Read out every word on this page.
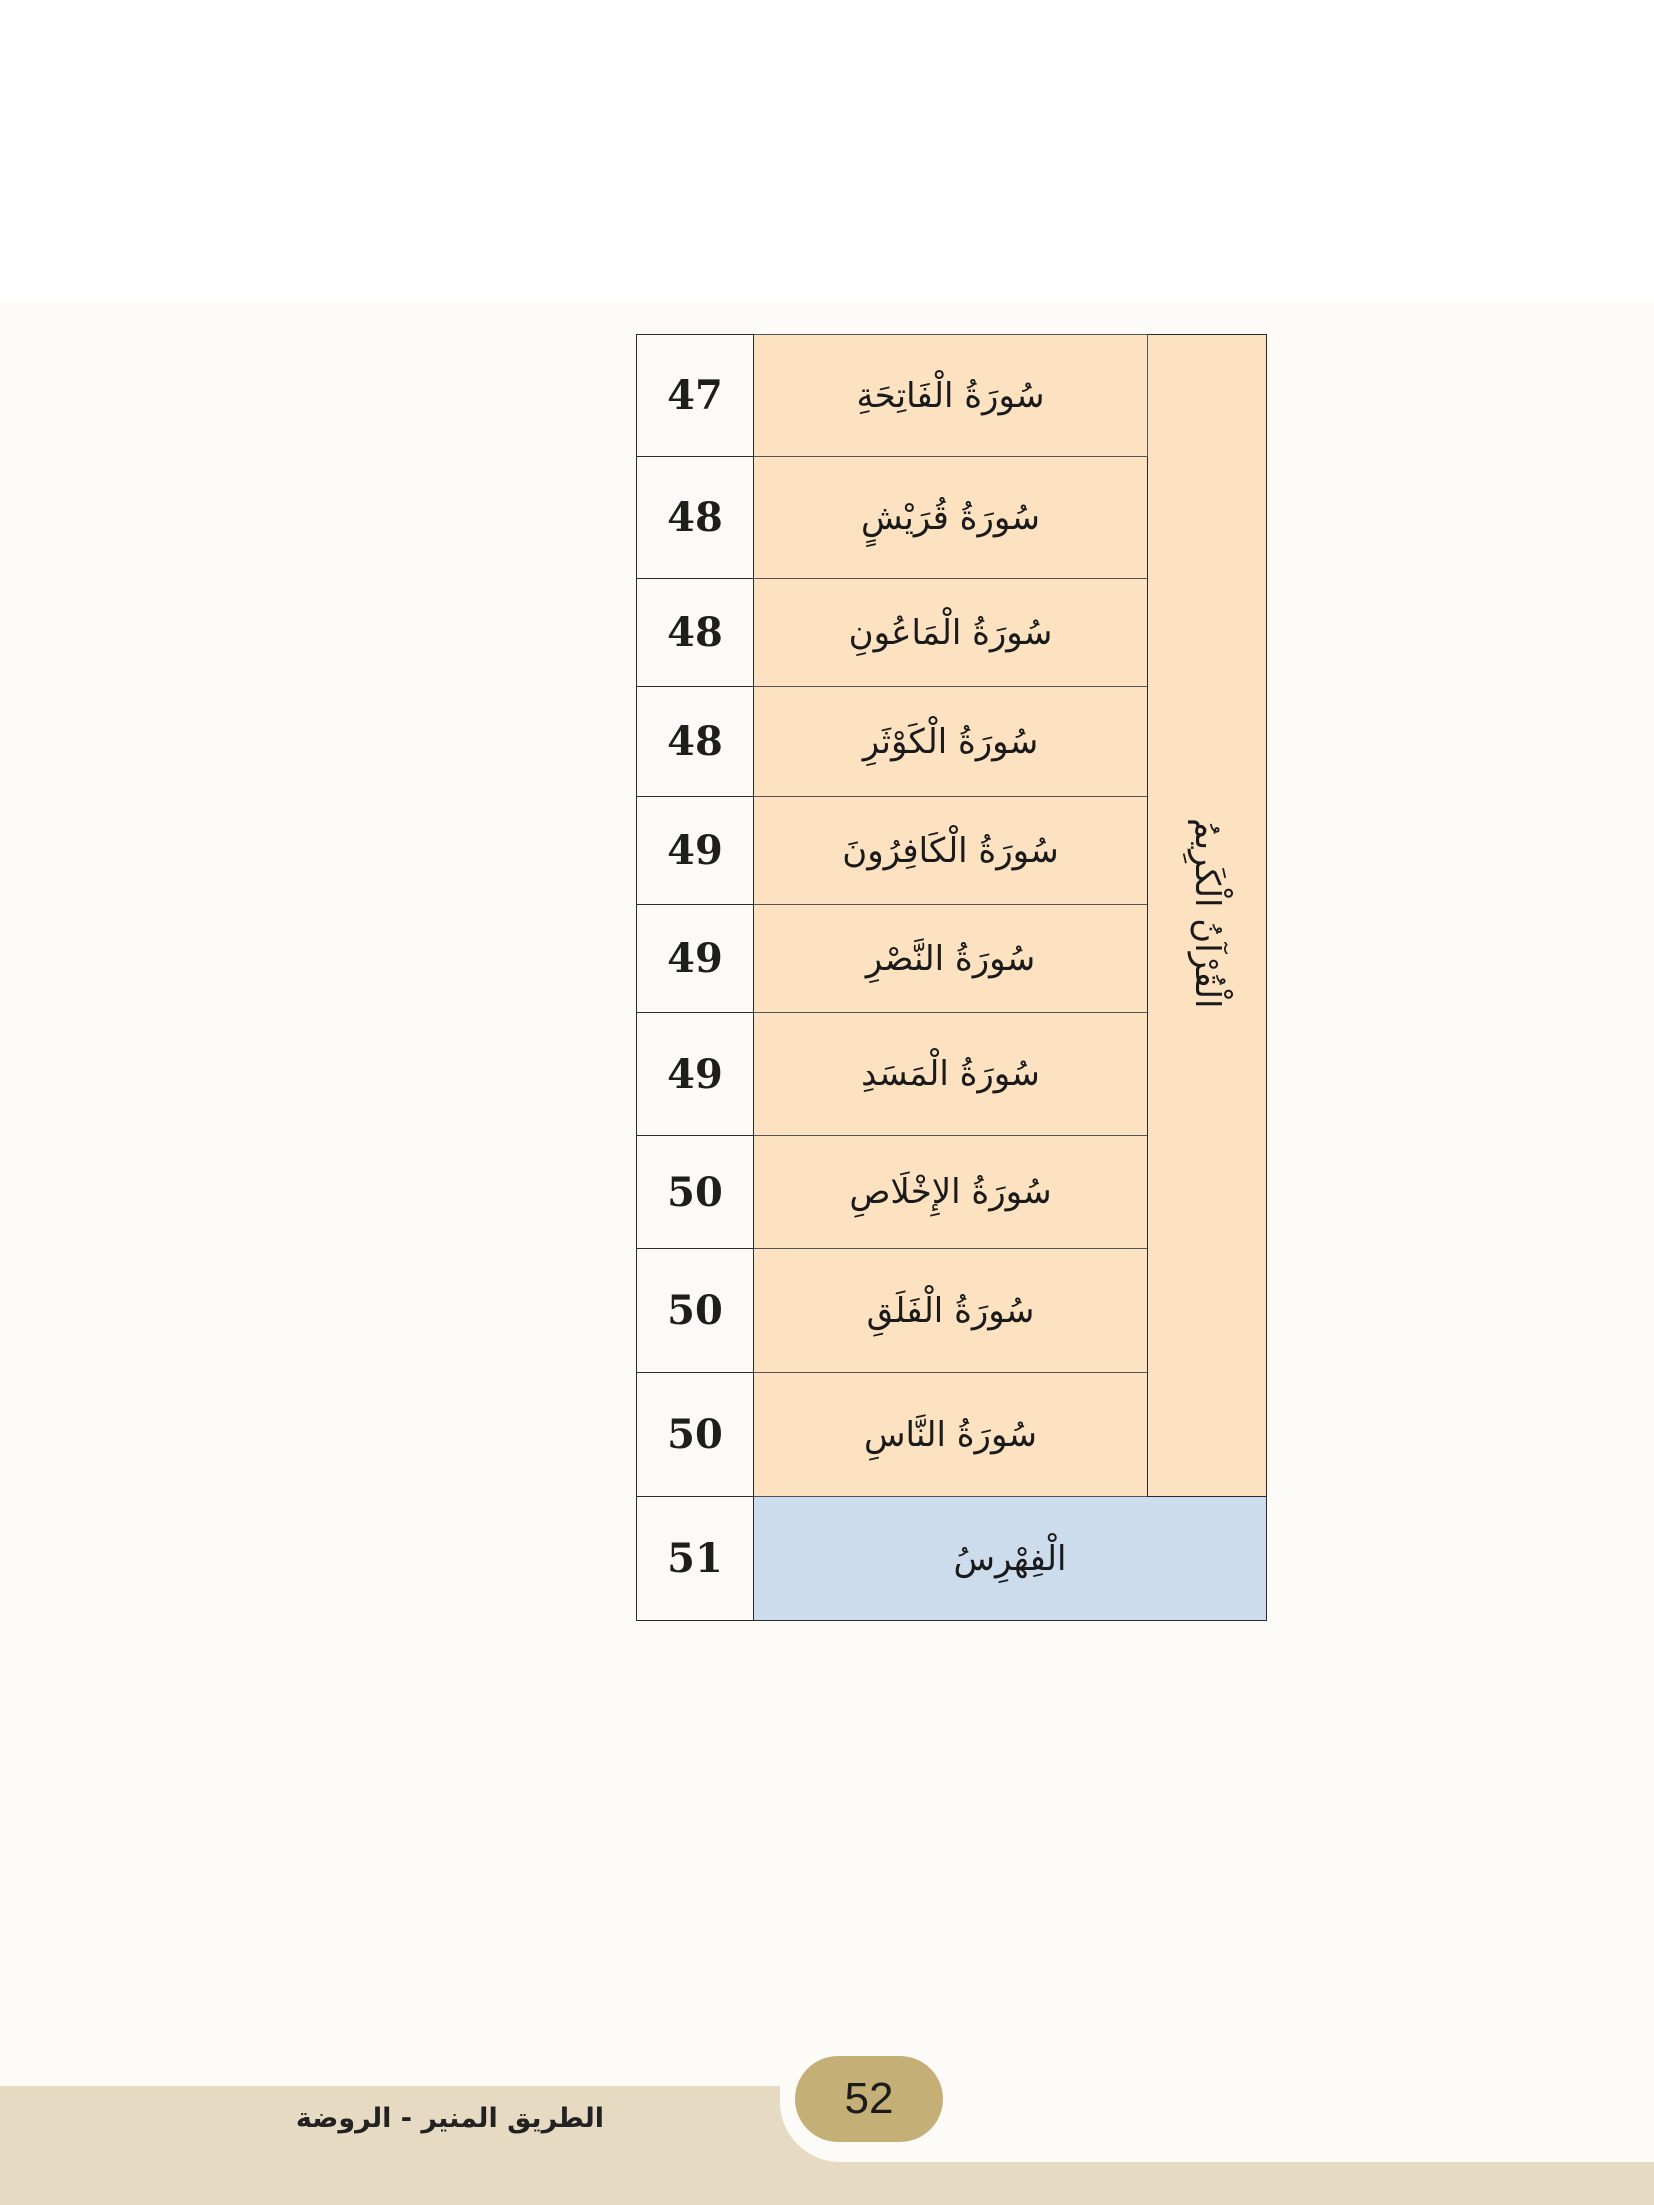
47	سُورَةُ الْفَاتِحَةِ	الْقُرْآنُ الْكَرِيمُ
48	سُورَةُ قُرَيْشٍ	
48	سُورَةُ الْمَاعُونِ	
48	سُورَةُ الْكَوْثَرِ	
49	سُورَةُ الْكَافِرُونَ	
49	سُورَةُ النَّصْرِ	
49	سُورَةُ الْمَسَدِ	
50	سُورَةُ الإِخْلَاصِ	
50	سُورَةُ الْفَلَقِ	
50	سُورَةُ النَّاسِ	
51	الْفِهْرِسُ	
52
الطريق المنير - الروضة
